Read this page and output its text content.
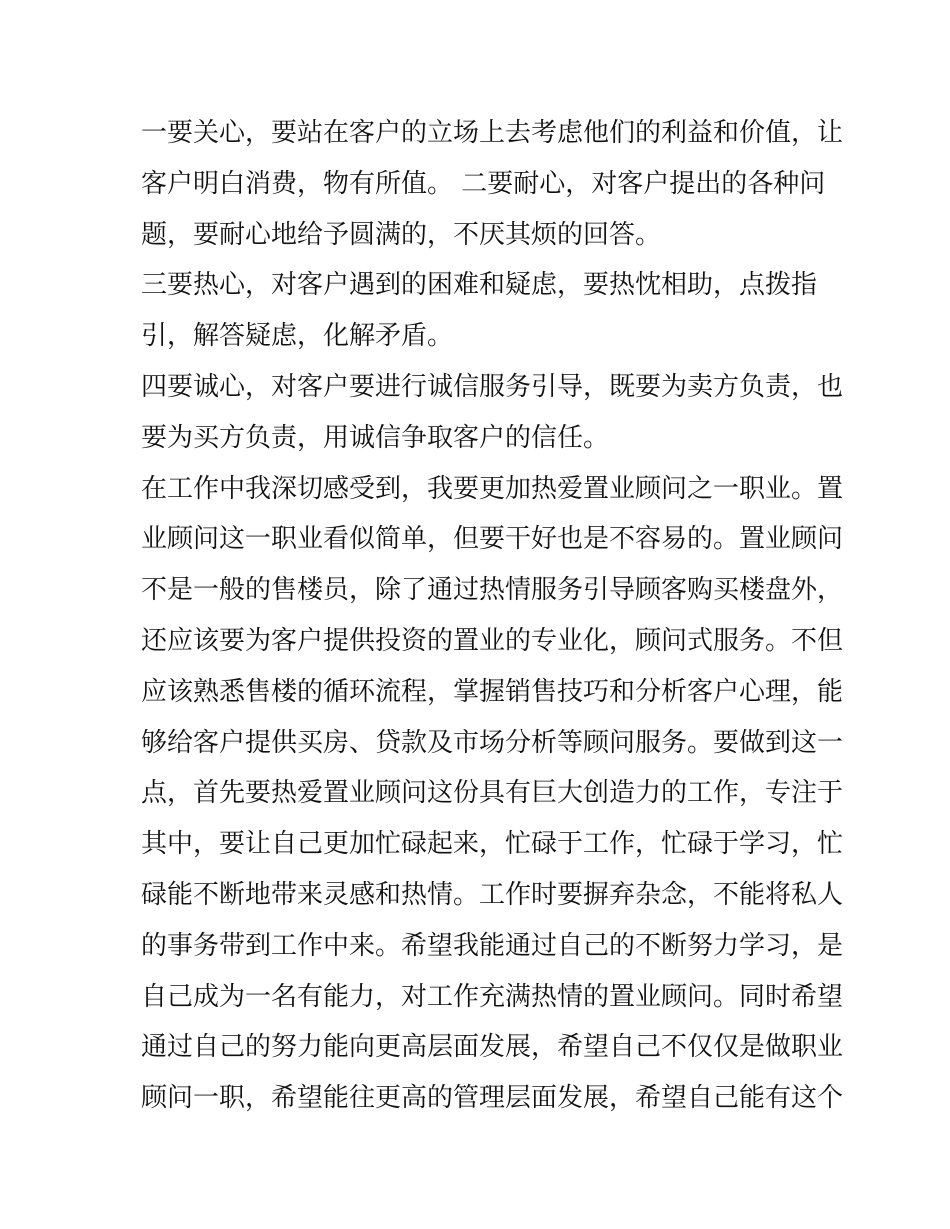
一要关心，要站在客户的立场上去考虑他们的利益和价值，让
客户明白消费，物有所值。 二要耐心，对客户提出的各种问
题，要耐心地给予圆满的，不厌其烦的回答。
三要热心，对客户遇到的困难和疑虑，要热忱相助，点拨指
引，解答疑虑，化解矛盾。
四要诚心，对客户要进行诚信服务引导，既要为卖方负责，也
要为买方负责，用诚信争取客户的信任。
在工作中我深切感受到，我要更加热爱置业顾问之一职业。置
业顾问这一职业看似简单，但要干好也是不容易的。置业顾问
不是一般的售楼员，除了通过热情服务引导顾客购买楼盘外，
还应该要为客户提供投资的置业的专业化，顾问式服务。不但
应该熟悉售楼的循环流程，掌握销售技巧和分析客户心理，能
够给客户提供买房、贷款及市场分析等顾问服务。要做到这一
点，首先要热爱置业顾问这份具有巨大创造力的工作，专注于
其中，要让自己更加忙碌起来，忙碌于工作，忙碌于学习，忙
碌能不断地带来灵感和热情。工作时要摒弃杂念，不能将私人
的事务带到工作中来。希望我能通过自己的不断努力学习，是
自己成为一名有能力，对工作充满热情的置业顾问。同时希望
通过自己的努力能向更高层面发展，希望自己不仅仅是做职业
顾问一职，希望能往更高的管理层面发展，希望自己能有这个
